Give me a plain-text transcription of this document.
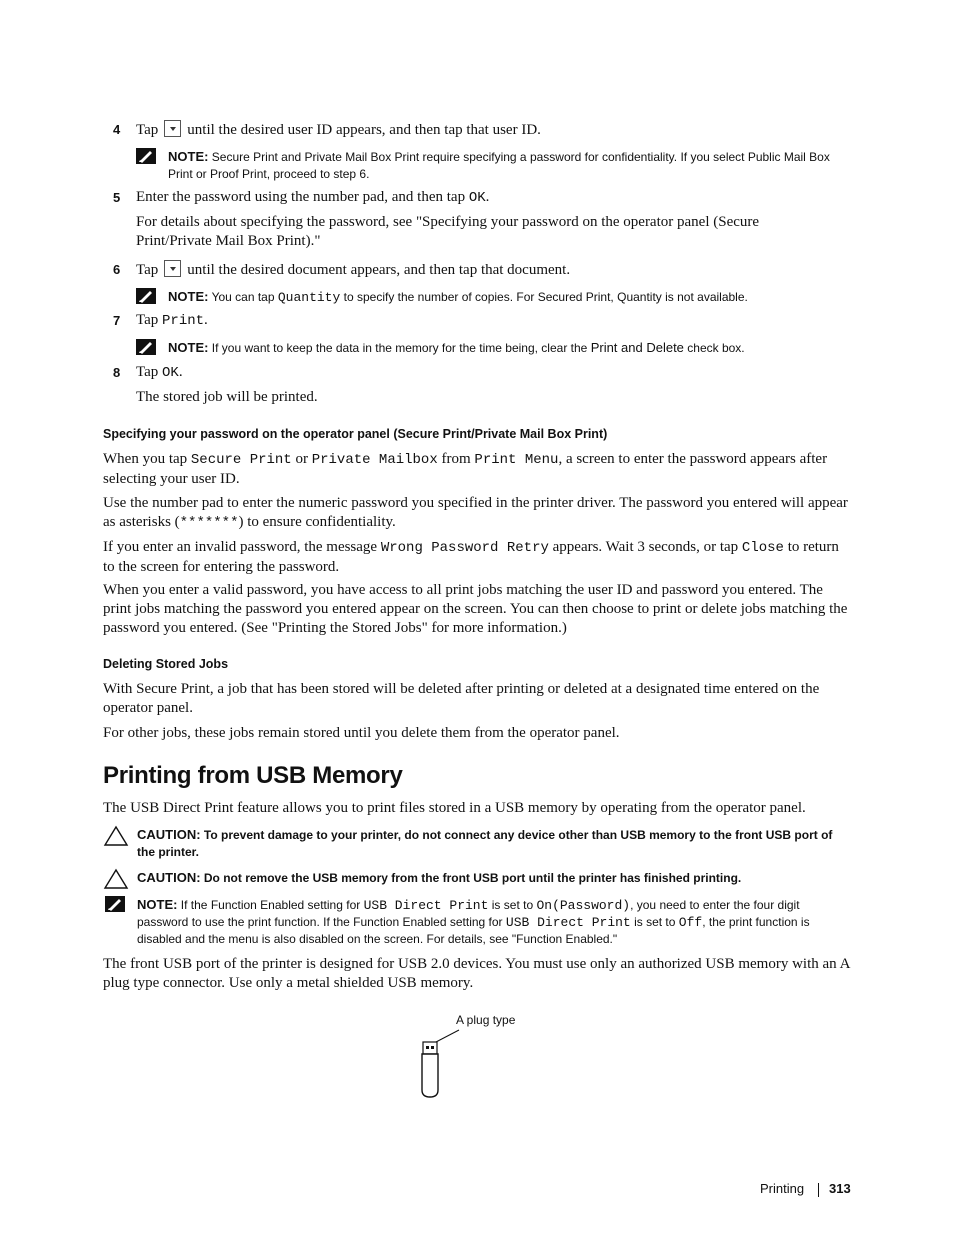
4 Tap until the desired user ID appears, and then tap that user ID.
NOTE: Secure Print and Private Mail Box Print require specifying a password for confidentiality. If you select Public Mail Box Print or Proof Print, proceed to step 6.
5 Enter the password using the number pad, and then tap OK.
For details about specifying the password, see "Specifying your password on the operator panel (Secure Print/Private Mail Box Print)."
6 Tap until the desired document appears, and then tap that document.
NOTE: You can tap Quantity to specify the number of copies. For Secured Print, Quantity is not available.
7 Tap Print.
NOTE: If you want to keep the data in the memory for the time being, clear the Print and Delete check box.
8 Tap OK.
The stored job will be printed.
Specifying your password on the operator panel (Secure Print/Private Mail Box Print)
When you tap Secure Print or Private Mailbox from Print Menu, a screen to enter the password appears after selecting your user ID.
Use the number pad to enter the numeric password you specified in the printer driver. The password you entered will appear as asterisks (*******) to ensure confidentiality.
If you enter an invalid password, the message Wrong Password Retry appears. Wait 3 seconds, or tap Close to return to the screen for entering the password.
When you enter a valid password, you have access to all print jobs matching the user ID and password you entered. The print jobs matching the password you entered appear on the screen. You can then choose to print or delete jobs matching the password you entered. (See "Printing the Stored Jobs" for more information.)
Deleting Stored Jobs
With Secure Print, a job that has been stored will be deleted after printing or deleted at a designated time entered on the operator panel.
For other jobs, these jobs remain stored until you delete them from the operator panel.
Printing from USB Memory
The USB Direct Print feature allows you to print files stored in a USB memory by operating from the operator panel.
CAUTION: To prevent damage to your printer, do not connect any device other than USB memory to the front USB port of the printer.
CAUTION: Do not remove the USB memory from the front USB port until the printer has finished printing.
NOTE: If the Function Enabled setting for USB Direct Print is set to On(Password), you need to enter the four digit password to use the print function. If the Function Enabled setting for USB Direct Print is set to Off, the print function is disabled and the menu is also disabled on the screen. For details, see "Function Enabled."
The front USB port of the printer is designed for USB 2.0 devices. You must use only an authorized USB memory with an A plug type connector. Use only a metal shielded USB memory.
A plug type
Printing 313
